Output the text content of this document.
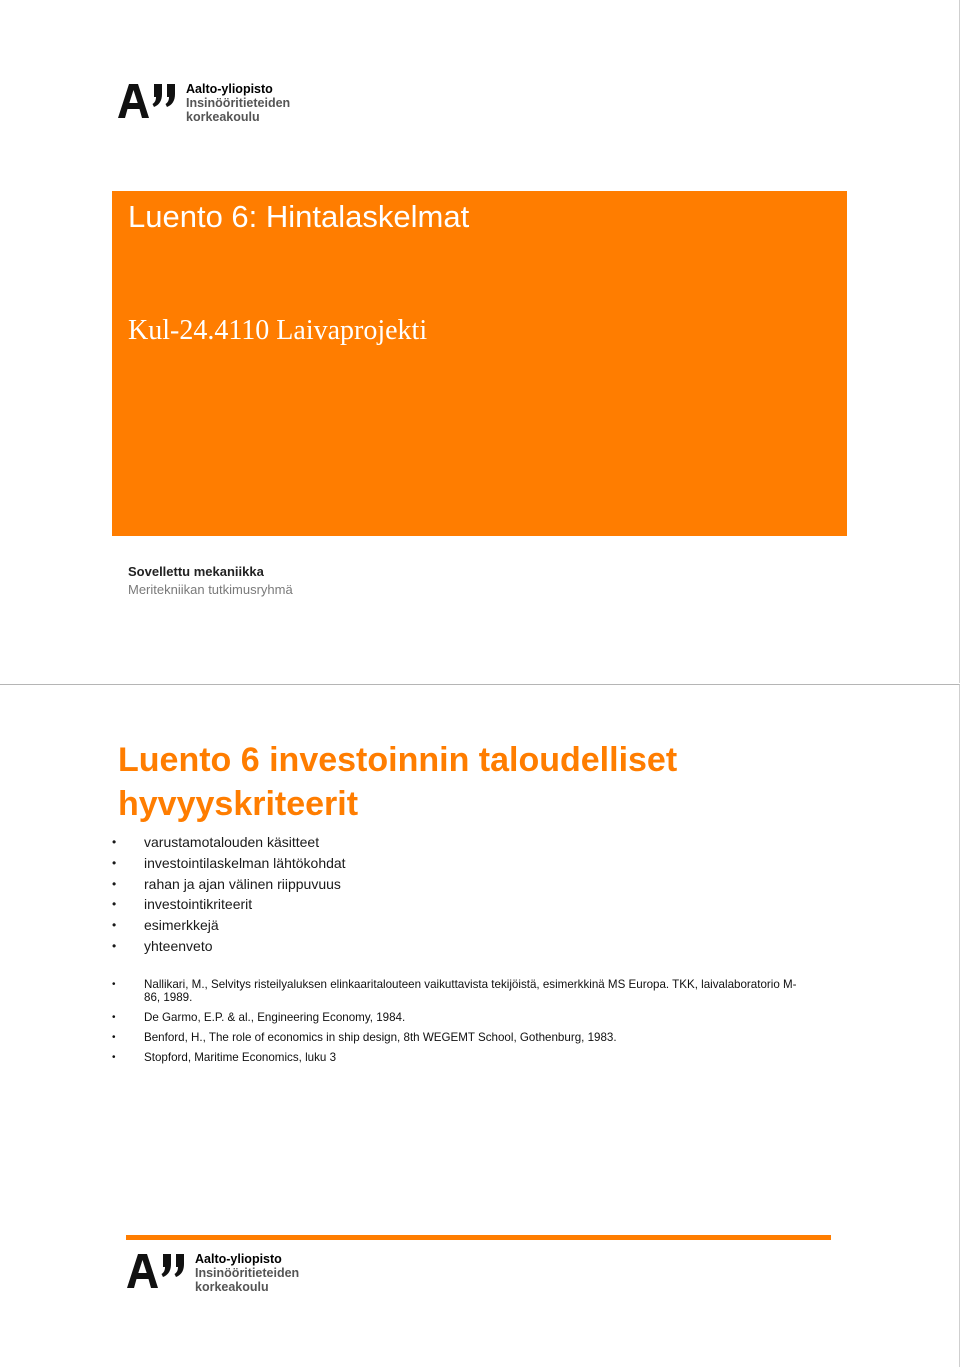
Aalto-yliopisto
Insinööritieteiden
korkeakoulu
Luento 6: Hintalaskelmat
Kul-24.4110 Laivaprojekti
Sovellettu mekaniikka
Meritekniikan tutkimusryhmä
Luento 6 investoinnin taloudelliset hyvyyskriteerit
• varustamotalouden käsitteet
• investointilaskelman lähtökohdat
• rahan ja ajan välinen riippuvuus
• investointikriteerit
• esimerkkejä
• yhteenveto
• Nallikari, M., Selvitys risteilyaluksen elinkaaritalouteen vaikuttavista tekijöistä, esimerkkinä MS Europa. TKK, laivalaboratorio M-86, 1989.
• De Garmo, E.P. & al., Engineering Economy, 1984.
• Benford, H., The role of economics in ship design, 8th WEGEMT School, Gothenburg, 1983.
• Stopford, Maritime Economics, luku 3
Aalto-yliopisto
Insinööritieteiden
korkeakoulu
